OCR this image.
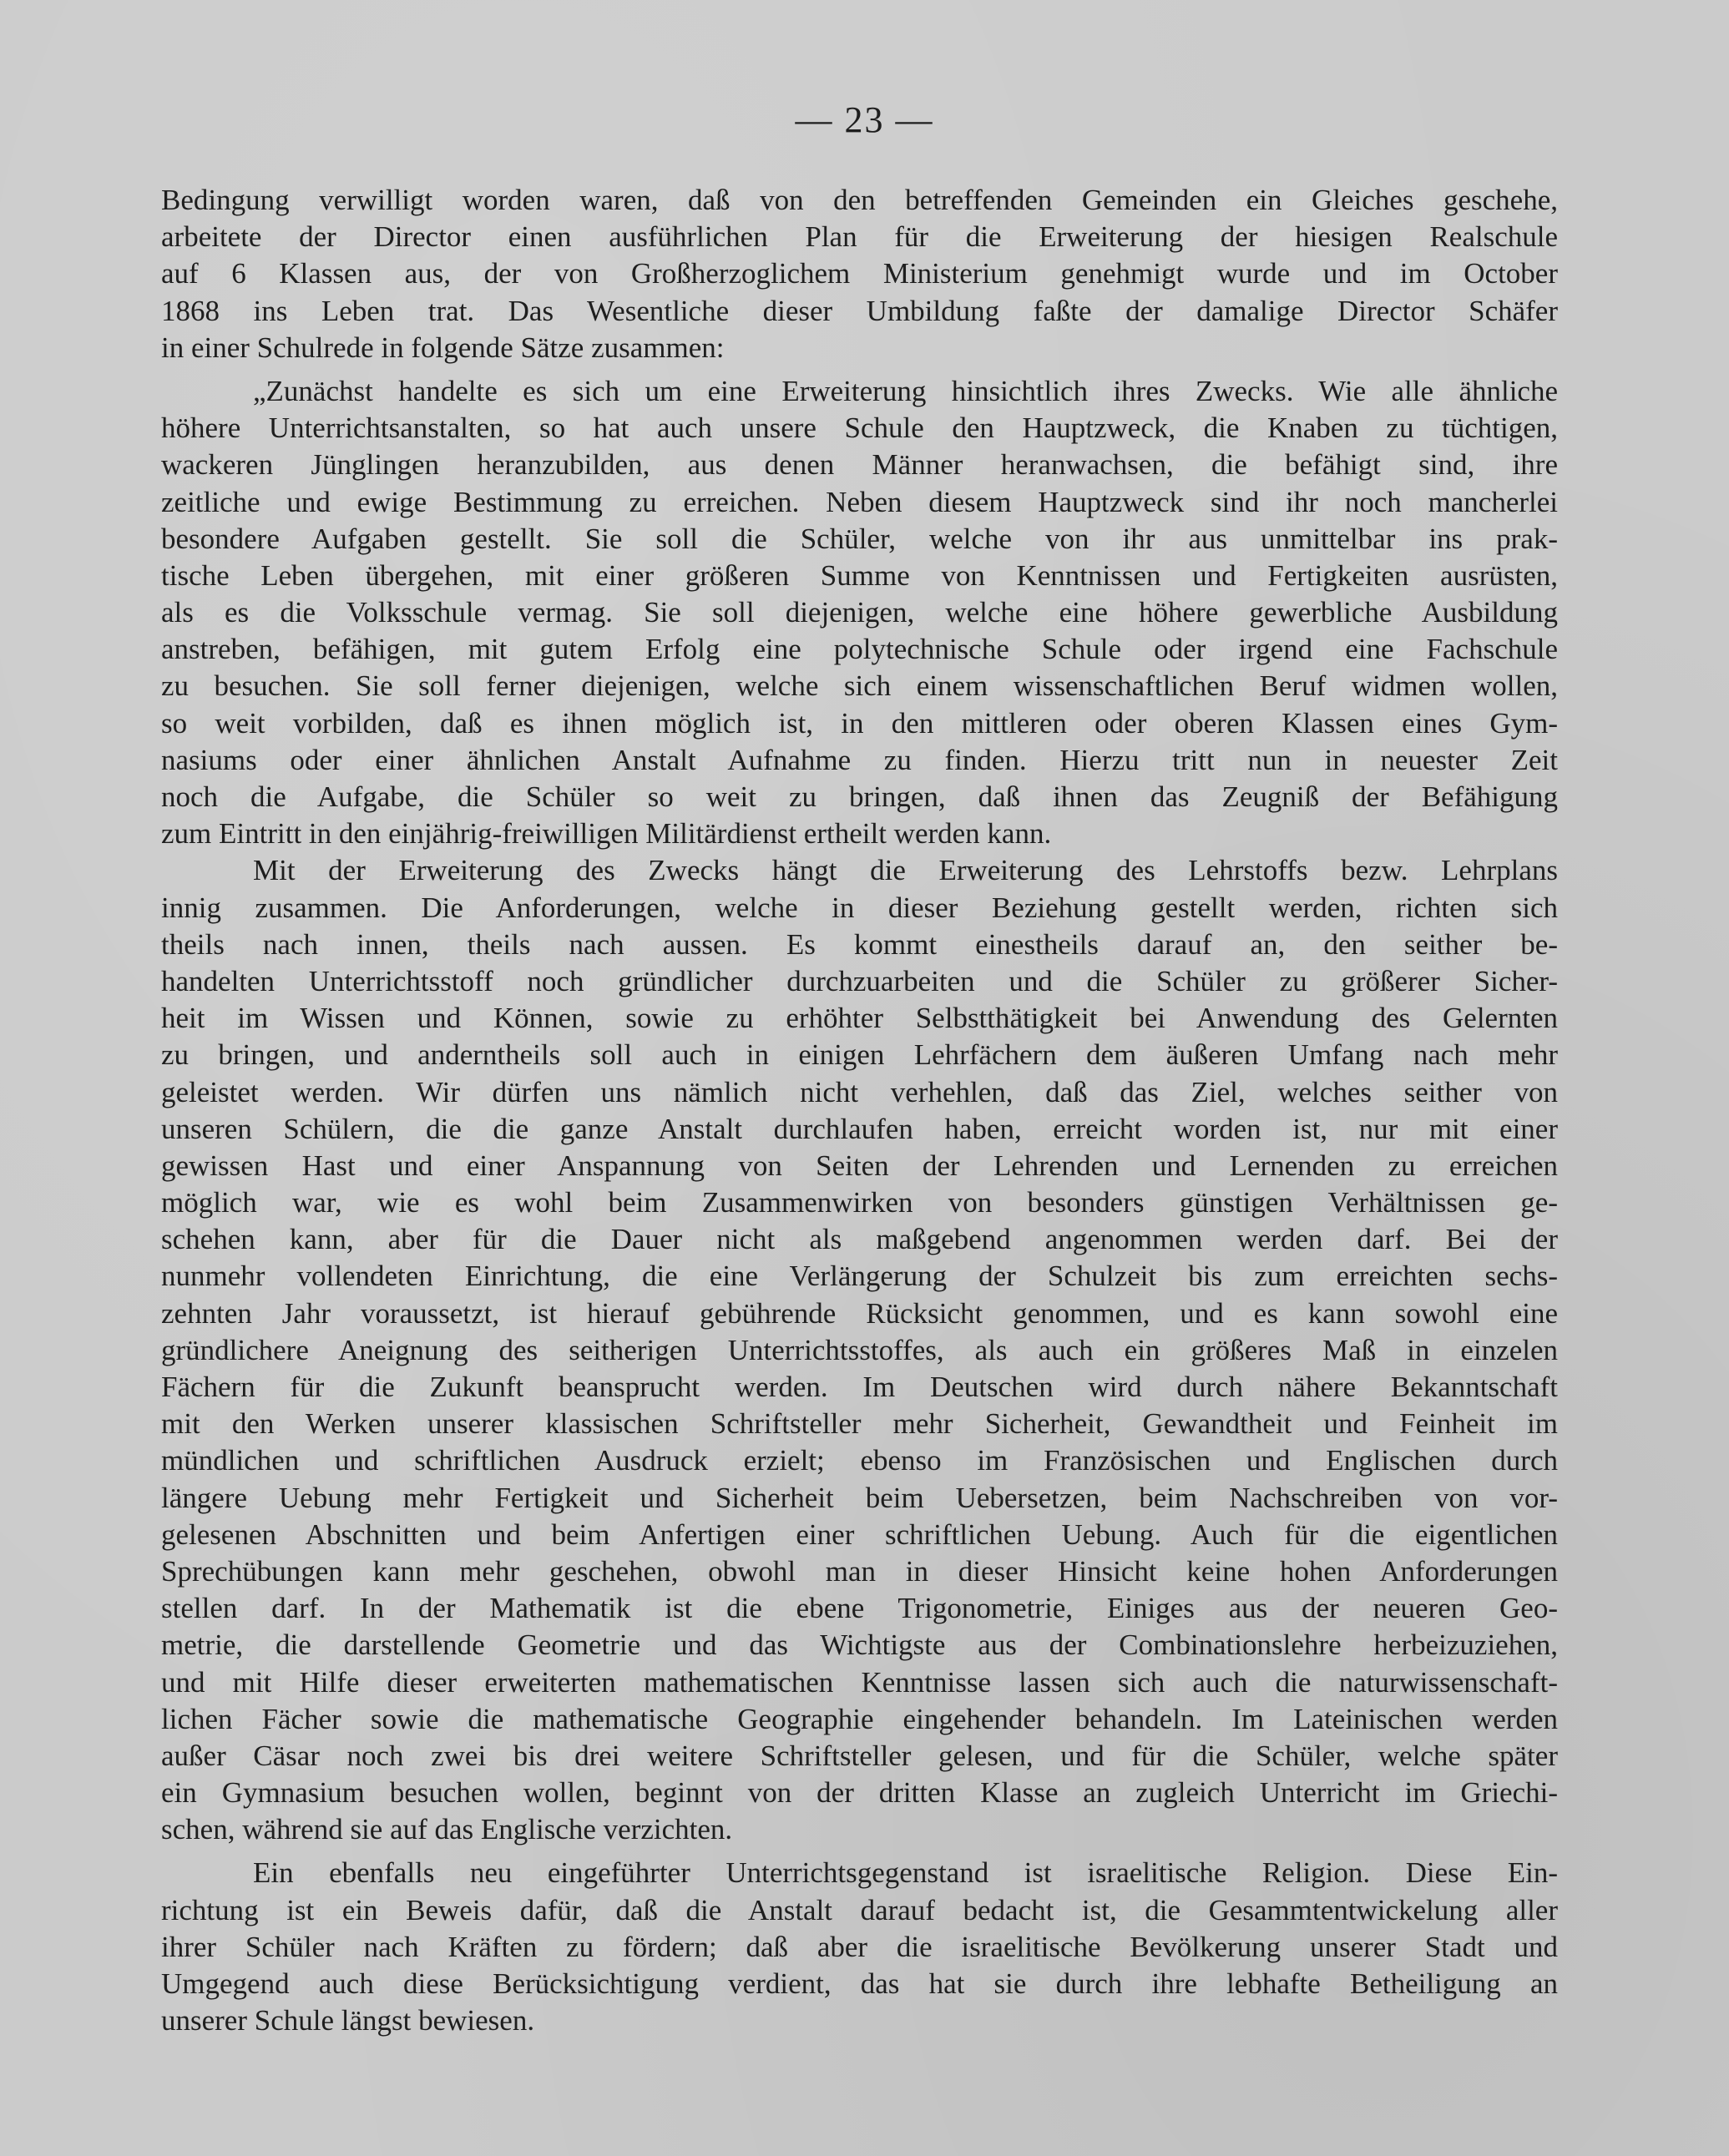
— 23 —
Bedingung verwilligt worden waren, daß von den betreffenden Gemeinden ein Gleiches geschehe,
arbeitete der Director einen ausführlichen Plan für die Erweiterung der hiesigen Realschule
auf 6 Klassen aus, der von Großherzoglichem Ministerium genehmigt wurde und im October
1868 ins Leben trat. Das Wesentliche dieser Umbildung faßte der damalige Director Schäfer
in einer Schulrede in folgende Sätze zusammen:
„Zunächst handelte es sich um eine Erweiterung hinsichtlich ihres Zwecks. Wie alle ähnliche
höhere Unterrichtsanstalten, so hat auch unsere Schule den Hauptzweck, die Knaben zu tüchtigen,
wackeren Jünglingen heranzubilden, aus denen Männer heranwachsen, die befähigt sind, ihre
zeitliche und ewige Bestimmung zu erreichen. Neben diesem Hauptzweck sind ihr noch mancherlei
besondere Aufgaben gestellt. Sie soll die Schüler, welche von ihr aus unmittelbar ins prak-
tische Leben übergehen, mit einer größeren Summe von Kenntnissen und Fertigkeiten ausrüsten,
als es die Volksschule vermag. Sie soll diejenigen, welche eine höhere gewerbliche Ausbildung
anstreben, befähigen, mit gutem Erfolg eine polytechnische Schule oder irgend eine Fachschule
zu besuchen. Sie soll ferner diejenigen, welche sich einem wissenschaftlichen Beruf widmen wollen,
so weit vorbilden, daß es ihnen möglich ist, in den mittleren oder oberen Klassen eines Gym-
nasiums oder einer ähnlichen Anstalt Aufnahme zu finden. Hierzu tritt nun in neuester Zeit
noch die Aufgabe, die Schüler so weit zu bringen, daß ihnen das Zeugniß der Befähigung
zum Eintritt in den einjährig-freiwilligen Militärdienst ertheilt werden kann.
Mit der Erweiterung des Zwecks hängt die Erweiterung des Lehrstoffs bezw. Lehrplans
innig zusammen. Die Anforderungen, welche in dieser Beziehung gestellt werden, richten sich
theils nach innen, theils nach aussen. Es kommt einestheils darauf an, den seither be-
handelten Unterrichtsstoff noch gründlicher durchzuarbeiten und die Schüler zu größerer Sicher-
heit im Wissen und Können, sowie zu erhöhter Selbstthätigkeit bei Anwendung des Gelernten
zu bringen, und anderntheils soll auch in einigen Lehrfächern dem äußeren Umfang nach mehr
geleistet werden. Wir dürfen uns nämlich nicht verhehlen, daß das Ziel, welches seither von
unseren Schülern, die die ganze Anstalt durchlaufen haben, erreicht worden ist, nur mit einer
gewissen Hast und einer Anspannung von Seiten der Lehrenden und Lernenden zu erreichen
möglich war, wie es wohl beim Zusammenwirken von besonders günstigen Verhältnissen ge-
schehen kann, aber für die Dauer nicht als maßgebend angenommen werden darf. Bei der
nunmehr vollendeten Einrichtung, die eine Verlängerung der Schulzeit bis zum erreichten sechs-
zehnten Jahr voraussetzt, ist hierauf gebührende Rücksicht genommen, und es kann sowohl eine
gründlichere Aneignung des seitherigen Unterrichtsstoffes, als auch ein größeres Maß in einzelen
Fächern für die Zukunft beansprucht werden. Im Deutschen wird durch nähere Bekanntschaft
mit den Werken unserer klassischen Schriftsteller mehr Sicherheit, Gewandtheit und Feinheit im
mündlichen und schriftlichen Ausdruck erzielt; ebenso im Französischen und Englischen durch
längere Uebung mehr Fertigkeit und Sicherheit beim Uebersetzen, beim Nachschreiben von vor-
gelesenen Abschnitten und beim Anfertigen einer schriftlichen Uebung. Auch für die eigentlichen
Sprechübungen kann mehr geschehen, obwohl man in dieser Hinsicht keine hohen Anforderungen
stellen darf. In der Mathematik ist die ebene Trigonometrie, Einiges aus der neueren Geo-
metrie, die darstellende Geometrie und das Wichtigste aus der Combinationslehre herbeizuziehen,
und mit Hilfe dieser erweiterten mathematischen Kenntnisse lassen sich auch die naturwissenschaft-
lichen Fächer sowie die mathematische Geographie eingehender behandeln. Im Lateinischen werden
außer Cäsar noch zwei bis drei weitere Schriftsteller gelesen, und für die Schüler, welche später
ein Gymnasium besuchen wollen, beginnt von der dritten Klasse an zugleich Unterricht im Griechi-
schen, während sie auf das Englische verzichten.
Ein ebenfalls neu eingeführter Unterrichtsgegenstand ist israelitische Religion. Diese Ein-
richtung ist ein Beweis dafür, daß die Anstalt darauf bedacht ist, die Gesammtentwickelung aller
ihrer Schüler nach Kräften zu fördern; daß aber die israelitische Bevölkerung unserer Stadt und
Umgegend auch diese Berücksichtigung verdient, das hat sie durch ihre lebhafte Betheiligung an
unserer Schule längst bewiesen.
